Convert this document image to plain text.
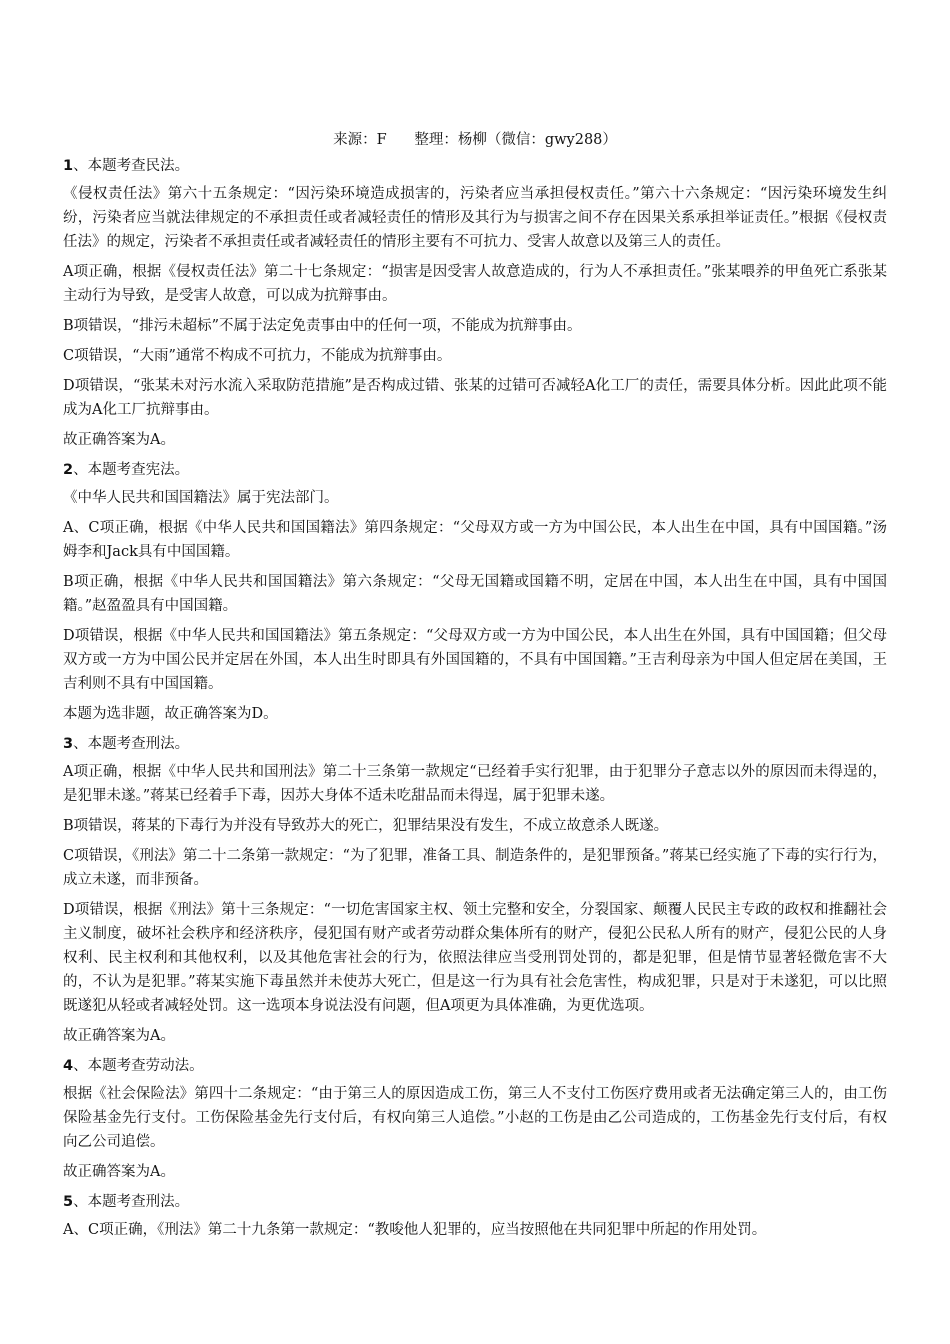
来源：F 整理：杨柳（微信：gwy288）
1、本题考查民法。

《侵权责任法》第六十五条规定：“因污染环境造成损害的，污染者应当承担侵权责任。”第六十六条规定：“因污染环境发生纠纷，污染者应当就法律规定的不承担责任或者减轻责任的情形及其行为与损害之间不存在因果关系承担举证责任。”根据《侵权责任法》的规定，污染者不承担责任或者减轻责任的情形主要有不可抗力、受害人故意以及第三人的责任。

A项正确，根据《侵权责任法》第二十七条规定：“损害是因受害人故意造成的，行为人不承担责任。”张某喂养的甲鱼死亡系张某主动行为导致，是受害人故意，可以成为抗辩事由。

B项错误，“排污未超标”不属于法定免责事由中的任何一项，不能成为抗辩事由。

C项错误，“大雨”通常不构成不可抗力，不能成为抗辩事由。

D项错误，“张某未对污水流入采取防范措施”是否构成过错、张某的过错可否减轻A化工厂的责任，需要具体分析。因此此项不能成为A化工厂抗辩事由。

故正确答案为A。

2、本题考查宪法。

《中华人民共和国国籍法》属于宪法部门。

A、C项正确，根据《中华人民共和国国籍法》第四条规定：“父母双方或一方为中国公民，本人出生在中国，具有中国国籍。”汤姆李和Jack具有中国国籍。

B项正确，根据《中华人民共和国国籍法》第六条规定：“父母无国籍或国籍不明，定居在中国，本人出生在中国，具有中国国籍。”赵盈盈具有中国国籍。

D项错误，根据《中华人民共和国国籍法》第五条规定：“父母双方或一方为中国公民，本人出生在外国，具有中国国籍；但父母双方或一方为中国公民并定居在外国，本人出生时即具有外国国籍的，不具有中国国籍。”王吉利母亲为中国人但定居在美国，王吉利则不具有中国国籍。

本题为选非题，故正确答案为D。

3、本题考查刑法。

A项正确，根据《中华人民共和国刑法》第二十三条第一款规定“已经着手实行犯罪，由于犯罪分子意志以外的原因而未得逞的，是犯罪未遂。”蒋某已经着手下毒，因苏大身体不适未吃甜品而未得逞，属于犯罪未遂。

B项错误，蒋某的下毒行为并没有导致苏大的死亡，犯罪结果没有发生，不成立故意杀人既遂。

C项错误，《刑法》第二十二条第一款规定：“为了犯罪，准备工具、制造条件的，是犯罪预备。”蒋某已经实施了下毒的实行行为，成立未遂，而非预备。

D项错误，根据《刑法》第十三条规定：“一切危害国家主权、领土完整和安全，分裂国家、颠覆人民民主专政的政权和推翻社会主义制度，破坏社会秩序和经济秩序，侵犯国有财产或者劳动群众集体所有的财产，侵犯公民私人所有的财产，侵犯公民的人身权利、民主权利和其他权利，以及其他危害社会的行为，依照法律应当受刑罚处罚的，都是犯罪，但是情节显著轻微危害不大的，不认为是犯罪。”蒋某实施下毒虽然并未使苏大死亡，但是这一行为具有社会危害性，构成犯罪，只是对于未遂犯，可以比照既遂犯从轻或者减轻处罚。这一选项本身说法没有问题，但A项更为具体准确，为更优选项。

故正确答案为A。

4、本题考查劳动法。

根据《社会保险法》第四十二条规定：“由于第三人的原因造成工伤，第三人不支付工伤医疗费用或者无法确定第三人的，由工伤保险基金先行支付。工伤保险基金先行支付后，有权向第三人追偿。”小赵的工伤是由乙公司造成的，工伤基金先行支付后，有权向乙公司追偿。

故正确答案为A。

5、本题考查刑法。

A、C项正确，《刑法》第二十九条第一款规定：“教唆他人犯罪的，应当按照他在共同犯罪中所起的作用处罚。
